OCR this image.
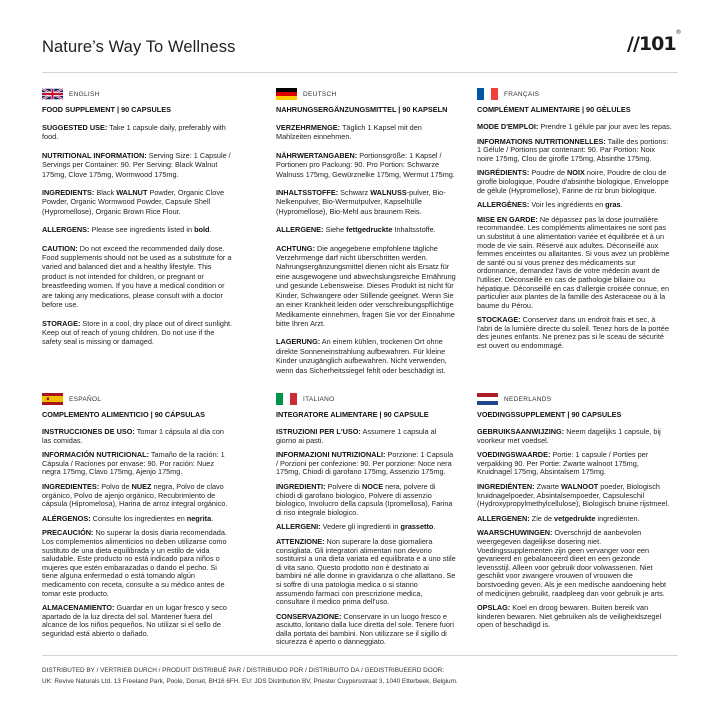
Nature’s Way To Wellness	//101®
ENGLISH
FOOD SUPPLEMENT | 90 CAPSULES
SUGGESTED USE: Take 1 capsule daily, preferably with food.
NUTRITIONAL INFORMATION: Serving Size: 1 Capsule / Servings per Container: 90. Per Serving: Black Walnut 175mg, Clove 175mg, Wormwood 175mg.
INGREDIENTS: Black WALNUT Powder, Organic Clove Powder, Organic Wormwood Powder, Capsule Shell (Hypromellose), Organic Brown Rice Flour.
ALLERGENS: Please see ingredients listed in bold.
CAUTION: Do not exceed the recommended daily dose. Food supplements should not be used as a substitute for a varied and balanced diet and a healthy lifestyle. This product is not intended for children, or pregnant or breastfeeding women. If you have a medical condition or are taking any medications, please consult with a doctor before use.
STORAGE: Store in a cool, dry place out of direct sunlight. Keep out of reach of young children. Do not use if the safety seal is missing or damaged.
DEUTSCH
NAHRUNGSERGÄNZUNGSMITTEL | 90 KAPSELN
VERZEHRMENGE: Täglich 1 Kapsel mit den Mahlzeiten einnehmen.
NÄHRWERTANGABEN: Portionsgröße: 1 Kapsel / Portionen pro Packung: 90. Pro Portion: Schwarze Walnuss 175mg, Gewürznelke 175mg, Wermut 175mg.
INHALTSSTOFFE: Schwarz WALNUSS-pulver, Bio-Nelkenpulver, Bio-Wermutpulver, Kapselhülle (Hypromellose), Bio-Mehl aus braunem Reis.
ALLERGENE: Siehe fettgedruckte Inhaltsstoffe.
ACHTUNG: Die angegebene empfohlene tägliche Verzehrmenge darf nicht überschritten werden. Nahrungsergänzungsmittel dienen nicht als Ersatz für eine ausgewogene und abwechslungsreiche Ernährung und gesunde Lebensweise. Dieses Produkt ist nicht für Kinder, Schwangere oder Stillende geeignet. Wenn Sie an einer Krankheit leiden oder verschreibungspflichtige Medikamente einnehmen, fragen Sie vor der Einnahme bitte Ihren Arzt.
LAGERUNG: An einem kühlen, trockenen Ort ohne direkte Sonneneinstrahlung aufbewahren. Für kleine Kinder unzugänglich aufbewahren. Nicht verwenden, wenn das Sicherheitssiegel fehlt oder beschädigt ist.
FRANÇAIS
COMPLÉMENT ALIMENTAIRE | 90 GÉLULES
MODE D'EMPLOI: Prendre 1 gélule par jour avec les repas.
INFORMATIONS NUTRITIONNELLES: Taille des portions: 1 Gélule / Portions par contenant: 90. Par Portion: Noix noire 175mg, Clou de girofle 175mg, Absinthe 175mg.
INGRÉDIENTS: Poudre de NOIX noire, Poudre de clou de girofle biologique, Poudre d'absinthe biologique, Enveloppe de gélule (Hypromellose), Farine de riz brun biologique.
ALLERGÈNES: Voir les ingrédients en gras.
MISE EN GARDE: Ne dépassez pas la dose journalière recommandée. Les compléments alimentaires ne sont pas un substitut à une alimentation variée et équilibrée et à un mode de vie sain. Réservé aux adultes. Déconseillé aux femmes enceintes ou allaitantes. Si vous avez un problème de santé ou si vous prenez des médicaments sur ordonnance, demandez l'avis de votre médecin avant de l'utiliser. Déconseillé en cas de pathologie biliaire ou hépatique. Déconseillé en cas d'allergie croisée connue, en particulier aux plantes de la famille des Asteraceae ou à la baume du Pérou.
STOCKAGE: Conservez dans un endroit frais et sec, à l'abri de la lumière directe du soleil. Tenez hors de la portée des jeunes enfants. Ne prenez pas si le sceau de sécurité est ouvert ou endommagé.
ESPAÑOL
COMPLEMENTO ALIMENTICIO | 90 CÁPSULAS
INSTRUCCIONES DE USO: Tomar 1 cápsula al día con las comidas.
INFORMACIÓN NUTRICIONAL: Tamaño de la ración: 1 Cápsula / Raciones por envase: 90. Por ración: Nuez negra 175mg, Clavo 175mg, Ajenjo 175mg.
INGREDIENTES: Polvo de NUEZ negra, Polvo de clavo orgánico, Polvo de ajenjo orgánico, Recubrimiento de cápsula (Hipromelosa), Harina de arroz integral orgánico.
ALÉRGENOS: Consulte los ingredientes en negrita.
PRECAUCIÓN: No superar la dosis diaria recomendada. Los complementos alimenticios no deben utilizarse como sustituto de una dieta equilibrada y un estilo de vida saludable. Este producto no está indicado para niños o mujeres que estén embarazadas o dando el pecho. Si tiene alguna enfermedad o está tomando algún medicamento con receta, consulte a su médico antes de tomar este producto.
ALMACENAMIENTO: Guardar en un lugar fresco y seco apartado de la luz directa del sol. Mantener fuera del alcance de los niños pequeños. No utilizar si el sello de seguridad está abierto o dañado.
ITALIANO
INTEGRATORE ALIMENTARE | 90 CAPSULE
ISTRUZIONI PER L'USO: Assumere 1 capsula al giorno ai pasti.
INFORMAZIONI NUTRIZIONALI: Porzione: 1 Capsula / Porzioni per confezione: 90. Per porzione: Noce nera 175mg, Chiodi di garofano 175mg, Assenzio 175mg.
INGREDIENTI: Polvere di NOCE nera, polvere di chiodi di garofano biologico, Polvere di assenzio biologico, Involucro della capsula (Ipromellosa), Farina di riso integrale biologico.
ALLERGENI: Vedere gli ingredienti in grassetto.
ATTENZIONE: Non superare la dose giornaliera consigliata. Gli integratori alimentari non devono sostituirsi a una dieta variata ed equilibrata e a uno stile di vita sano. Questo prodotto non è destinato ai bambini né alle donne in gravidanza o che allattano. Se si soffre di una patologia medica o si stanno assumendo farmaci con prescrizione medica, consultare il medico prima dell'uso.
CONSERVAZIONE: Conservare in un luogo fresco e asciutto, lontano dalla luce diretta del sole. Tenere fuori dalla portata dei bambini. Non utilizzare se il sigillo di sicurezza è aperto o danneggiato.
NEDERLANDS
VOEDINGSSUPPLEMENT | 90 CAPSULES
GEBRUIKSAANWIJZING: Neem dagelijks 1 capsule, bij voorkeur met voedsel.
VOEDINGSWAARDE: Portie: 1 capsule / Porties per verpakking 90. Per Portie: Zwarte walnoot 175mg, Kruidnagel 175mg, Absintalsem 175mg.
INGREDIËNTEN: Zwarte WALNOOT poeder, Biologisch kruidnagelpoeder, Absintalsempoeder, Capsuleschil (Hydroxypropylmethylcellulose), Biologisch bruine rijstmeel.
ALLERGENEN: Zie de vetgedrukte ingrediënten.
WAARSCHUWINGEN: Overschrijd de aanbevolen weergegeven dagelijkse dosering niet. Voedingssupplementen zijn geen vervanger voor een gevarieerd en gebalanceerd dieet en een gezonde levensstijl. Alleen voor gebruik door volwassenen. Niet geschikt voor zwangere vrouwen of vrouwen die borstvoeding geven. Als je een medische aandoening hebt of medicijnen gebruikt, raadpleeg dan voor gebruik je arts.
OPSLAG: Koel en droog bewaren. Buiten bereik van kinderen bewaren. Niet gebruiken als de veiligheidszegel open of beschadigd is.
DISTRIBUTED BY / VERTRIEB DURCH / PRODUIT DISTRIBUÉ PAR / DISTRIBUIDO POR / DISTRIBUITO DA / GEDISTRIBUEERD DOOR:
UK: Revive Naturals Ltd. 13 Freeland Park, Poole, Dorset, BH16 6FH. EU: JDS Distribution BV, Priester Cuypersstraat 3, 1040 Etterbeek, Belgium.
